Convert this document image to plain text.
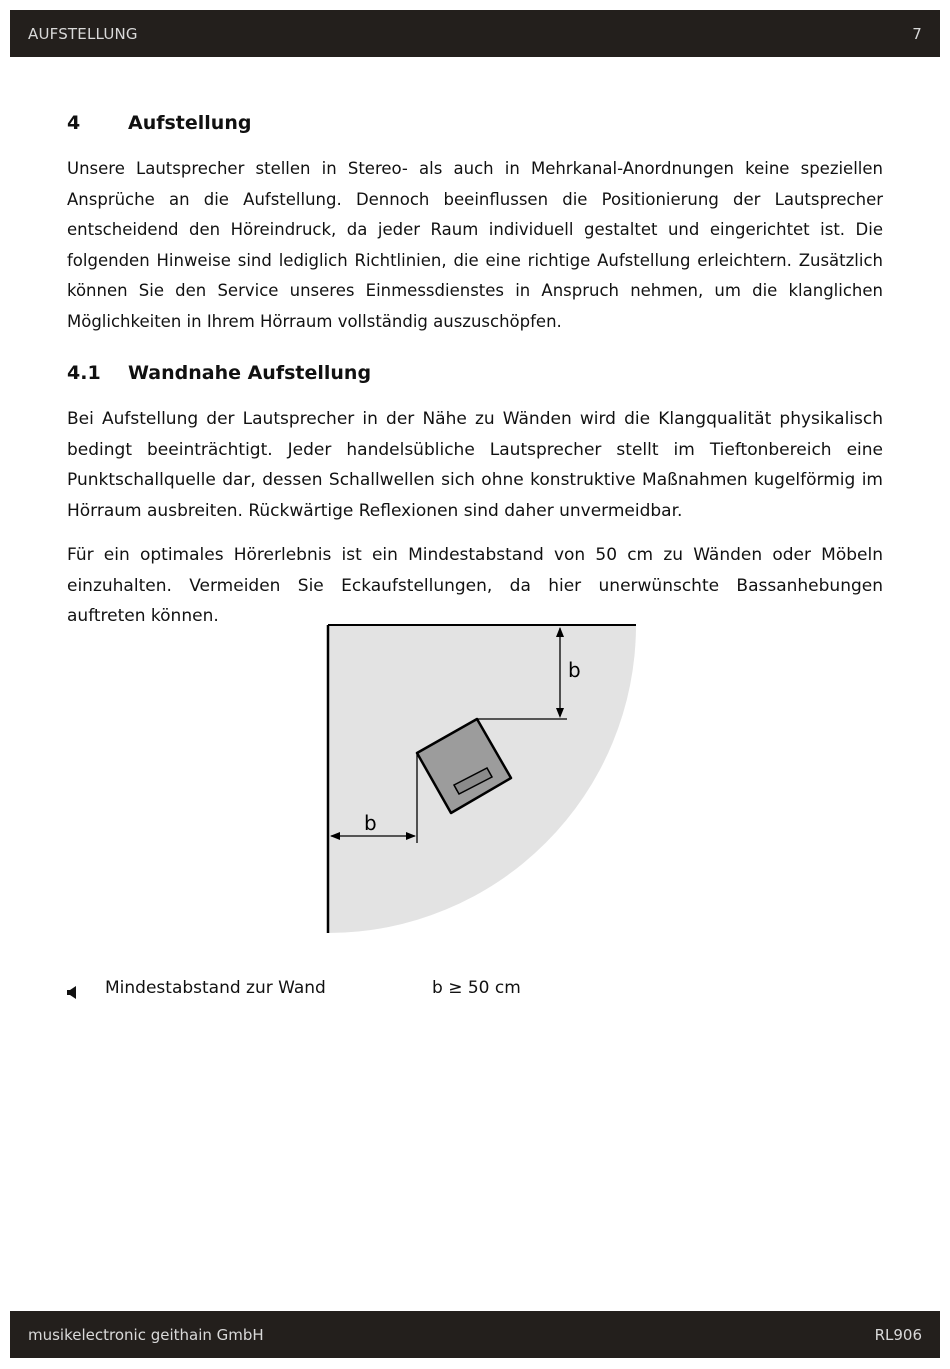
AUFSTELLUNG	7
4	Aufstellung

Unsere Lautsprecher stellen in Stereo- als auch in Mehrkanal-Anordnungen keine speziellen Ansprüche an die Aufstellung. Dennoch beeinflussen die Positionierung der Lautsprecher entscheidend den Höreindruck, da jeder Raum individuell gestaltet und eingerichtet ist. Die folgenden Hinweise sind lediglich Richtlinien, die eine richtige Aufstellung erleichtern. Zusätzlich können Sie den Service unseres Einmessdienstes in Anspruch nehmen, um die klanglichen Möglichkeiten in Ihrem Hörraum vollständig auszuschöpfen.

4.1	Wandnahe Aufstellung

Bei Aufstellung der Lautsprecher in der Nähe zu Wänden wird die Klangqualität physikalisch bedingt beeinträchtigt. Jeder handelsübliche Lautsprecher stellt im Tieftonbereich eine Punktschallquelle dar, dessen Schallwellen sich ohne konstruktive Maßnahmen kugelförmig im Hörraum ausbreiten. Rückwärtige Reflexionen sind daher unvermeidbar.

Für ein optimales Hörerlebnis ist ein Mindestabstand von 50 cm zu Wänden oder Möbeln einzuhalten. Vermeiden Sie Eckaufstellungen, da hier unerwünschte Bassanhebungen auftreten können.

b
b
Mindestabstand zur Wand	b ≥ 50 cm
musikelectronic geithain GmbH	RL906
